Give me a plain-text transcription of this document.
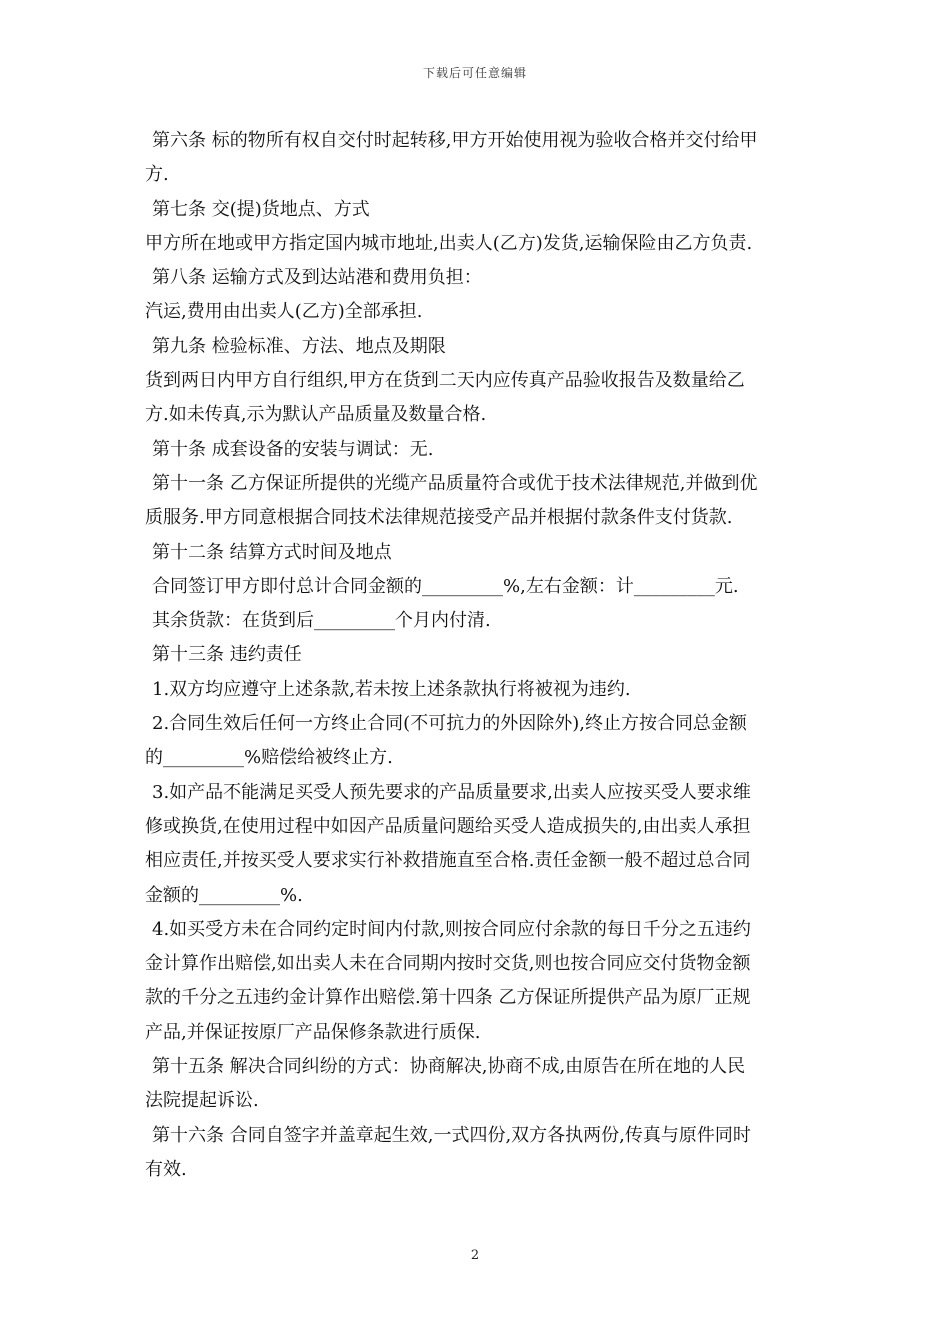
下载后可任意编辑
第六条 标的物所有权自交付时起转移,甲方开始使用视为验收合格并交付给甲
方.
第七条 交(提)货地点、方式
甲方所在地或甲方指定国内城市地址,出卖人(乙方)发货,运输保险由乙方负责.
第八条 运输方式及到达站港和费用负担：
汽运,费用由出卖人(乙方)全部承担.
第九条 检验标准、方法、地点及期限
货到两日内甲方自行组织,甲方在货到二天内应传真产品验收报告及数量给乙
方.如未传真,示为默认产品质量及数量合格.
第十条 成套设备的安装与调试：无.
第十一条 乙方保证所提供的光缆产品质量符合或优于技术法律规范,并做到优
质服务.甲方同意根据合同技术法律规范接受产品并根据付款条件支付货款.
第十二条 结算方式时间及地点
合同签订甲方即付总计合同金额的_________%,左右金额：计_________元.
其余货款：在货到后_________个月内付清.
第十三条 违约责任
1.双方均应遵守上述条款,若未按上述条款执行将被视为违约.
2.合同生效后任何一方终止合同(不可抗力的外因除外),终止方按合同总金额
的_________%赔偿给被终止方.
3.如产品不能满足买受人预先要求的产品质量要求,出卖人应按买受人要求维
修或换货,在使用过程中如因产品质量问题给买受人造成损失的,由出卖人承担
相应责任,并按买受人要求实行补救措施直至合格.责任金额一般不超过总合同
金额的_________%.
4.如买受方未在合同约定时间内付款,则按合同应付余款的每日千分之五违约
金计算作出赔偿,如出卖人未在合同期内按时交货,则也按合同应交付货物金额
款的千分之五违约金计算作出赔偿.第十四条 乙方保证所提供产品为原厂正规
产品,并保证按原厂产品保修条款进行质保.
第十五条 解决合同纠纷的方式：协商解决,协商不成,由原告在所在地的人民
法院提起诉讼.
第十六条 合同自签字并盖章起生效,一式四份,双方各执两份,传真与原件同时
有效.
2
